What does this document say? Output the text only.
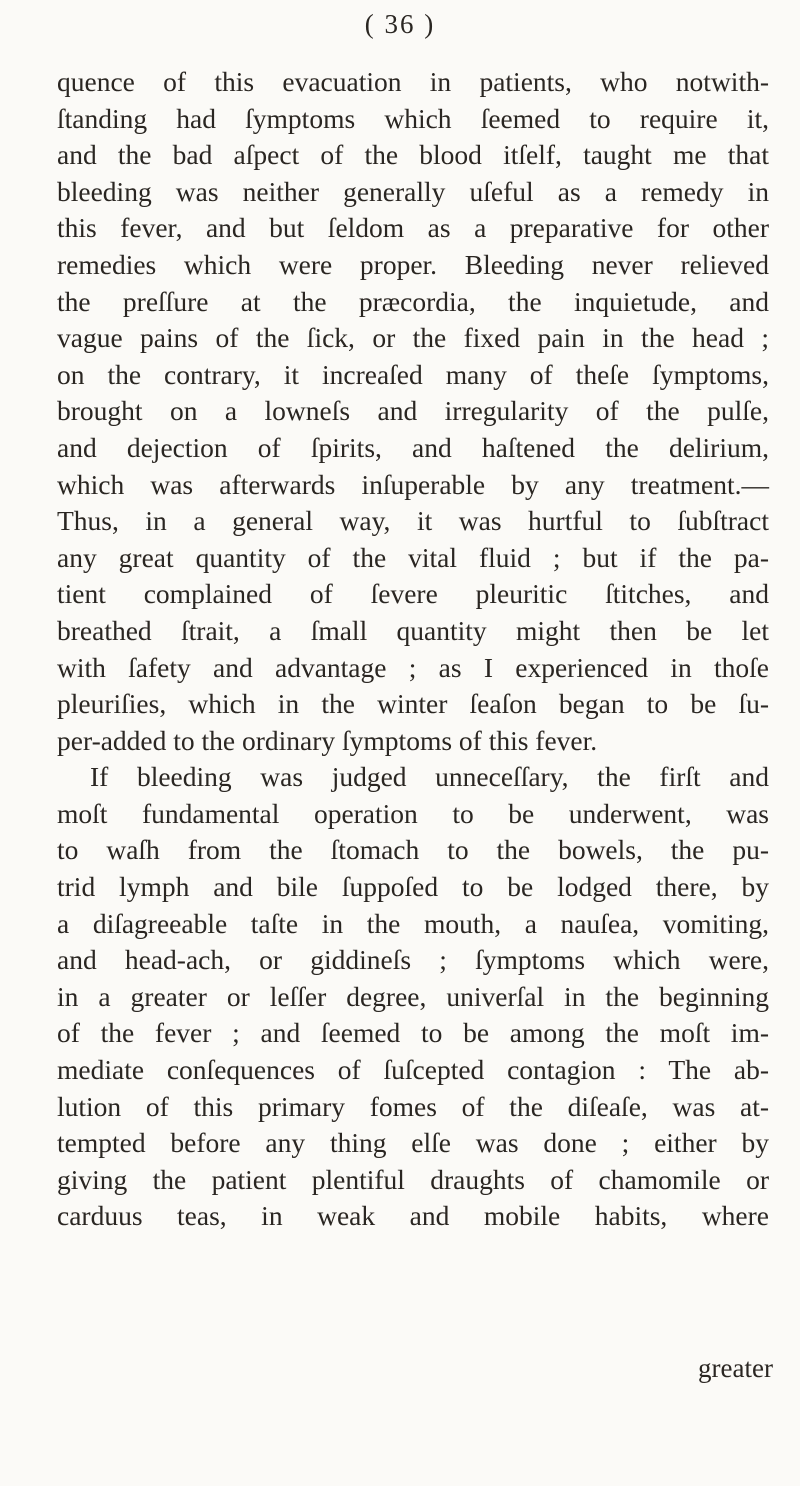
( 36 )
quence of this evacuation in patients, who notwith-
ſtanding had ſymptoms which ſeemed to require it,
and the bad aſpect of the blood itſelf, taught me that
bleeding was neither generally uſeful as a remedy in
this fever, and but ſeldom as a preparative for other
remedies which were proper. Bleeding never relieved
the preſſure at the præcordia, the inquietude, and
vague pains of the ſick, or the fixed pain in the head ;
on the contrary, it increaſed many of theſe ſymptoms,
brought on a lowneſs and irregularity of the pulſe,
and dejection of ſpirits, and haſtened the delirium,
which was afterwards inſuperable by any treatment.—
Thus, in a general way, it was hurtful to ſubſtract
any great quantity of the vital fluid ; but if the pa-
tient complained of ſevere pleuritic ſtitches, and
breathed ſtrait, a ſmall quantity might then be let
with ſafety and advantage ; as I experienced in thoſe
pleuriſies, which in the winter ſeaſon began to be ſu-
per-added to the ordinary ſymptoms of this fever.
If bleeding was judged unneceſſary, the firſt and
moſt fundamental operation to be underwent, was
to waſh from the ſtomach to the bowels, the pu-
trid lymph and bile ſuppoſed to be lodged there, by
a diſagreeable taſte in the mouth, a nauſea, vomiting,
and head-ach, or giddineſs ; ſymptoms which were,
in a greater or leſſer degree, univerſal in the beginning
of the fever ; and ſeemed to be among the moſt im-
mediate conſequences of ſuſcepted contagion : The ab-
lution of this primary fomes of the diſeaſe, was at-
tempted before any thing elſe was done ; either by
giving the patient plentiful draughts of chamomile or
carduus teas, in weak and mobile habits, where
greater
